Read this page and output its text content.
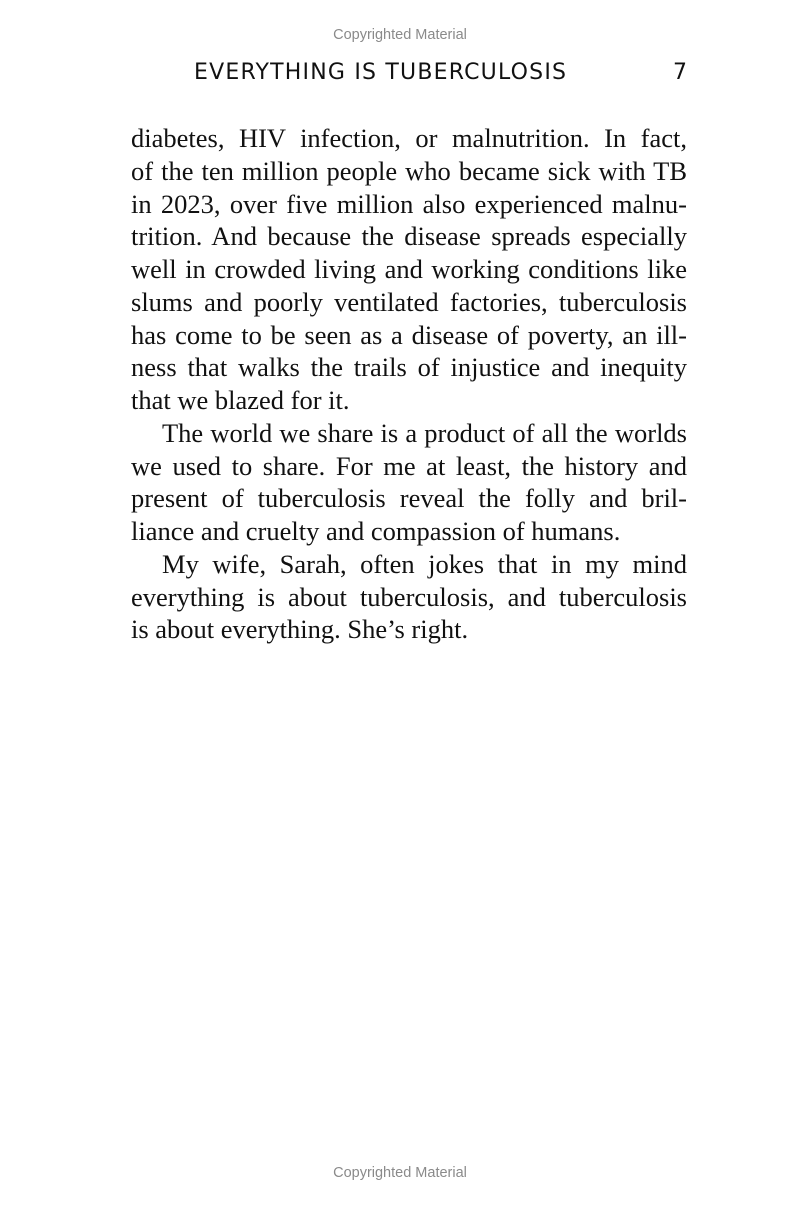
Copyrighted Material
EVERYTHING IS TUBERCULOSIS	7
diabetes, HIV infection, or malnutrition. In fact,
of the ten million people who became sick with TB
in 2023, over five million also experienced malnu-
trition. And because the disease spreads especially
well in crowded living and working conditions like
slums and poorly ventilated factories, tuberculosis
has come to be seen as a disease of poverty, an ill-
ness that walks the trails of injustice and inequity
that we blazed for it.
The world we share is a product of all the worlds
we used to share. For me at least, the history and
present of tuberculosis reveal the folly and bril-
liance and cruelty and compassion of humans.
My wife, Sarah, often jokes that in my mind
everything is about tuberculosis, and tuberculosis
is about everything. She’s right.
Copyrighted Material
